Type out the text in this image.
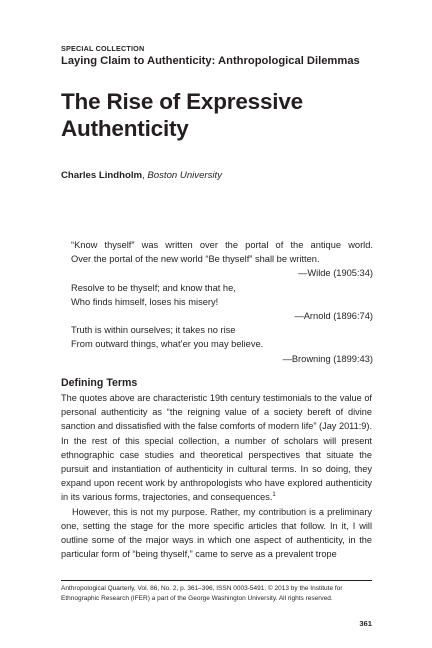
SPECIAL COLLECTION
Laying Claim to Authenticity: Anthropological Dilemmas
The Rise of Expressive
Authenticity
Charles Lindholm, Boston University
“Know thyself” was written over the portal of the antique world.
Over the portal of the new world “Be thyself” shall be written.
—Wilde (1905:34)
Resolve to be thyself; and know that he,
Who finds himself, loses his misery!
—Arnold (1896:74)
Truth is within ourselves; it takes no rise
From outward things, what’er you may believe.
—Browning (1899:43)
Defining Terms

The quotes above are characteristic 19th century testimonials to the value of personal authenticity as “the reigning value of a society bereft of divine sanction and dissatisfied with the false comforts of modern life” (Jay 2011:9). In the rest of this special collection, a number of scholars will present ethnographic case studies and theoretical perspectives that situate the pursuit and instantiation of authenticity in cultural terms. In so doing, they expand upon recent work by anthropologists who have explored authenticity in its various forms, trajectories, and consequences.$^1$

However, this is not my purpose. Rather, my contribution is a preliminary one, setting the stage for the more specific articles that follow. In it, I will outline some of the major ways in which one aspect of authenticity, in the particular form of “being thyself,” came to serve as a prevalent trope

Anthropological Quarterly, Vol. 86, No. 2, p. 361–396, ISSN 0003-5491. © 2013 by the Institute for
Ethnographic Research (IFER) a part of the George Washington University. All rights reserved.
361
